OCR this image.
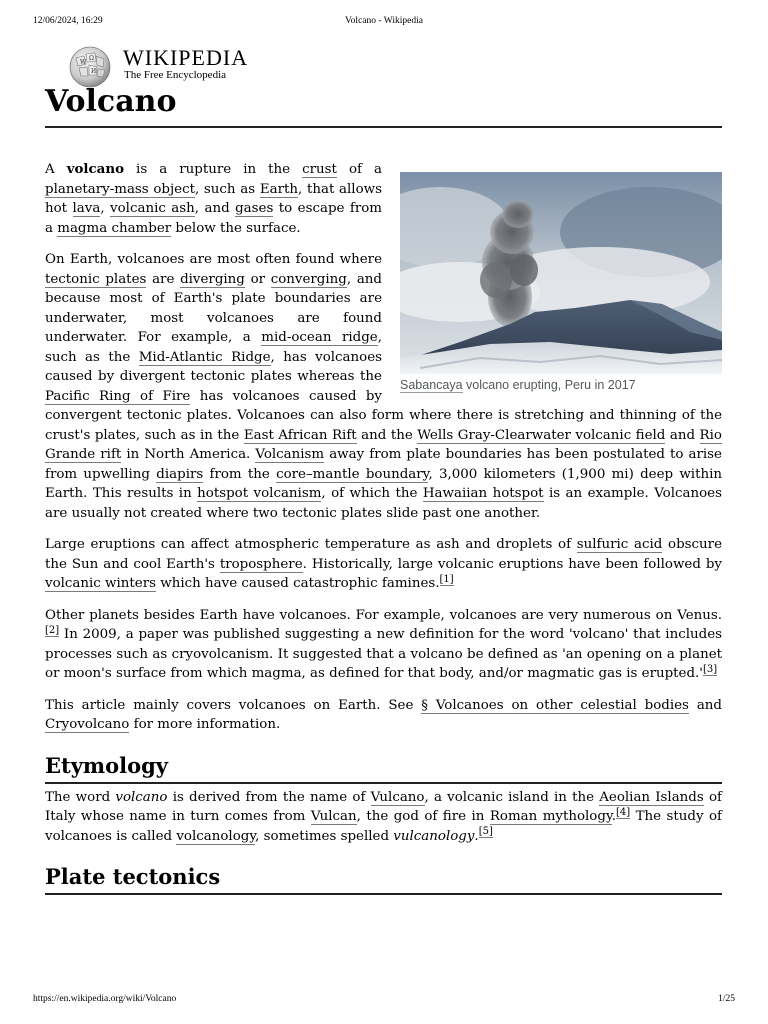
12/06/2024, 16:29	Volcano - Wikipedia
W
Ω
И
WIKIPEDIA
The Free Encyclopedia
Volcano
Sabancaya volcano erupting, Peru in 2017

A volcano is a rupture in the crust of a planetary-mass object, such as Earth, that allows hot lava, volcanic ash, and gases to escape from a magma chamber below the surface.

On Earth, volcanoes are most often found where tectonic plates are diverging or converging, and because most of Earth's plate boundaries are underwater, most volcanoes are found underwater. For example, a mid-ocean ridge, such as the Mid-Atlantic Ridge, has volcanoes caused by divergent tectonic plates whereas the Pacific Ring of Fire has volcanoes caused by convergent tectonic plates. Volcanoes can also form where there is stretching and thinning of the crust's plates, such as in the East African Rift and the Wells Gray-Clearwater volcanic field and Rio Grande rift in North America. Volcanism away from plate boundaries has been postulated to arise from upwelling diapirs from the core–mantle boundary, 3,000 kilometers (1,900 mi) deep within Earth. This results in hotspot volcanism, of which the Hawaiian hotspot is an example. Volcanoes are usually not created where two tectonic plates slide past one another.

Large eruptions can affect atmospheric temperature as ash and droplets of sulfuric acid obscure the Sun and cool Earth's troposphere. Historically, large volcanic eruptions have been followed by volcanic winters which have caused catastrophic famines.[1]

Other planets besides Earth have volcanoes. For example, volcanoes are very numerous on Venus.[2] In 2009, a paper was published suggesting a new definition for the word 'volcano' that includes processes such as cryovolcanism. It suggested that a volcano be defined as 'an opening on a planet or moon's surface from which magma, as defined for that body, and/or magmatic gas is erupted.'[3]

This article mainly covers volcanoes on Earth. See § Volcanoes on other celestial bodies and Cryovolcano for more information.

Etymology

The word volcano is derived from the name of Vulcano, a volcanic island in the Aeolian Islands of Italy whose name in turn comes from Vulcan, the god of fire in Roman mythology.[4] The study of volcanoes is called volcanology, sometimes spelled vulcanology.[5]

Plate tectonics
https://en.wikipedia.org/wiki/Volcano	1/25
